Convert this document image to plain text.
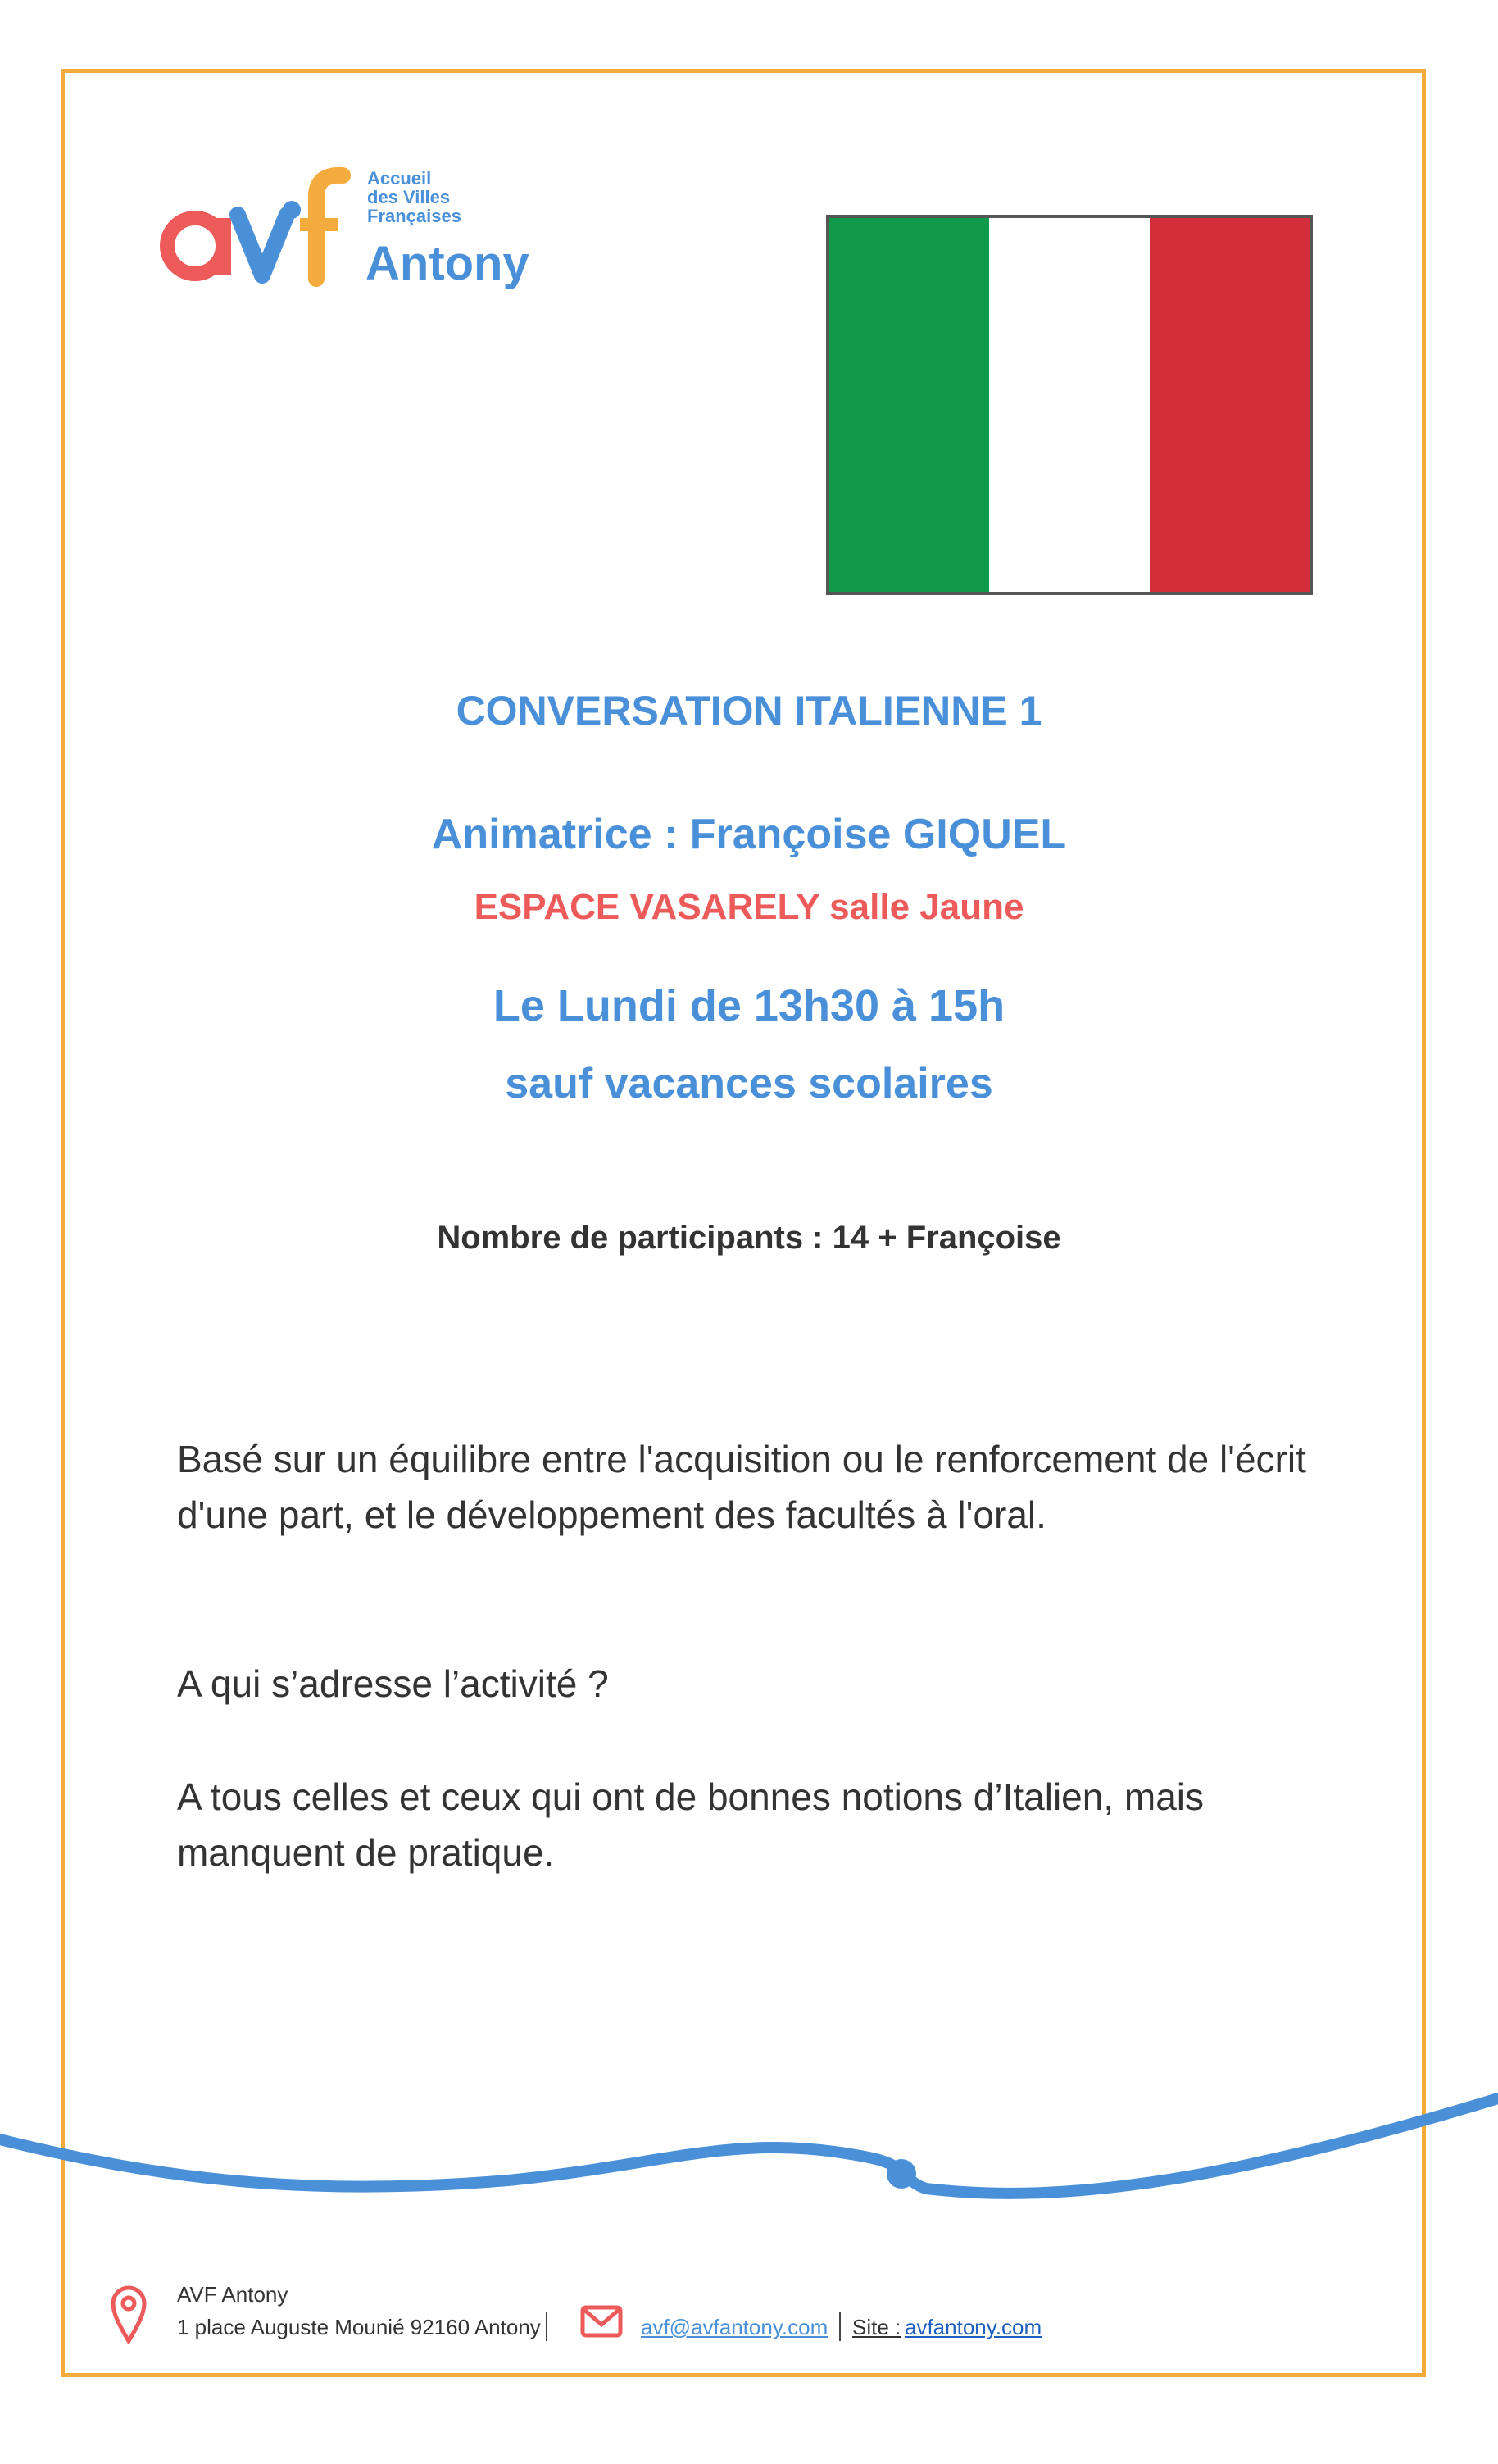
Accueil
des Villes
Françaises
Antony
CONVERSATION ITALIENNE 1
Animatrice : Françoise GIQUEL
ESPACE VASARELY salle Jaune
Le Lundi de 13h30 à 15h
sauf vacances scolaires
Nombre de participants : 14 + Françoise
Basé sur un équilibre entre l'acquisition ou le renforcement de l'écrit d'une part, et le développement des facultés à l'oral.
A qui s’adresse l’activité ?
A tous celles et ceux qui ont de bonnes notions d’Italien, mais manquent de pratique.
AVF Antony
1 place Auguste Mounié 92160 Antony	avf@avfantony.com Site : avfantony.com
